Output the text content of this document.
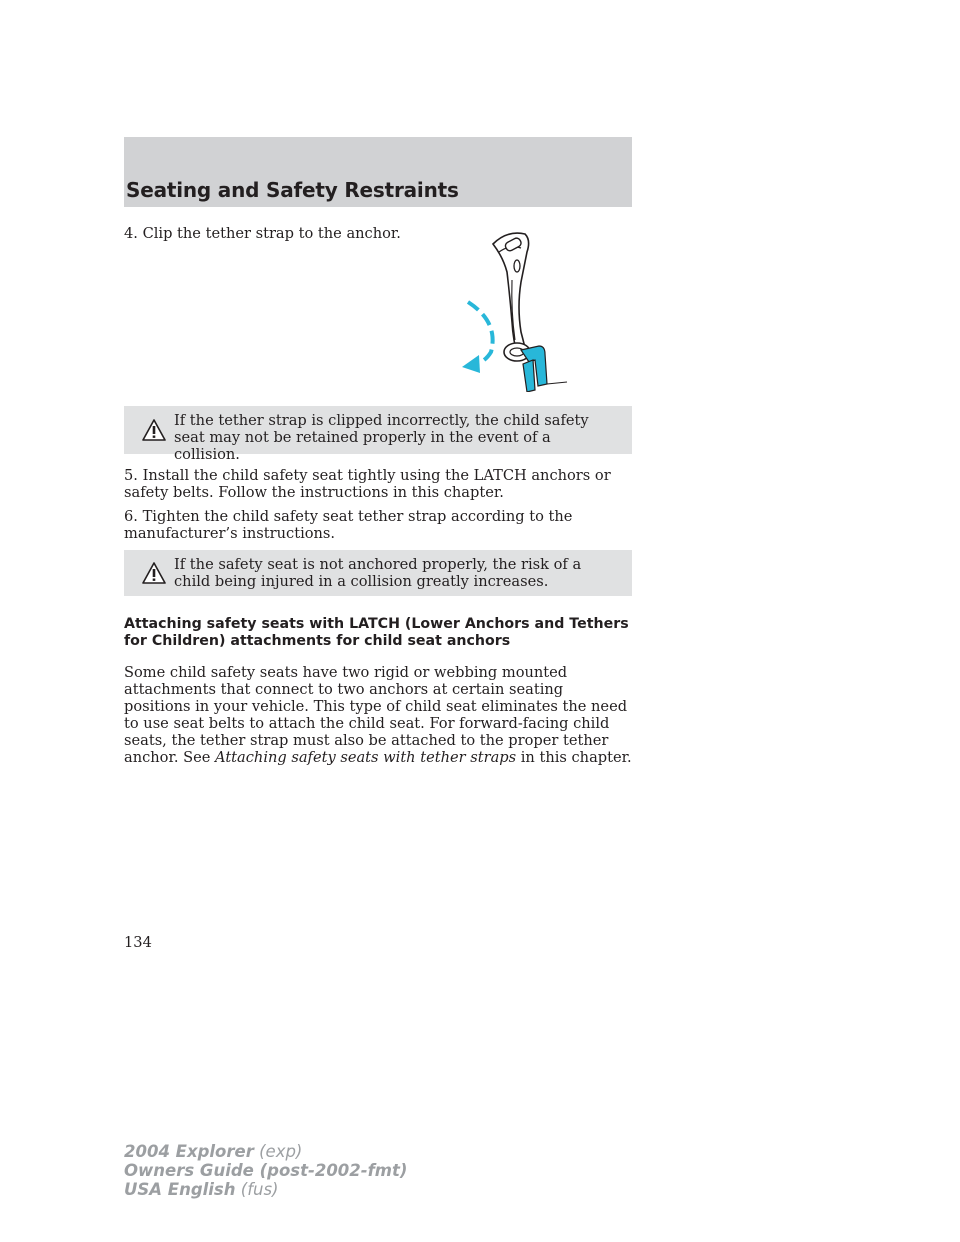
Seating and Safety Restraints

4. Clip the tether strap to the anchor.

If the tether strap is clipped incorrectly, the child safety seat may not be retained properly in the event of a collision.

5. Install the child safety seat tightly using the LATCH anchors or safety belts. Follow the instructions in this chapter.

6. Tighten the child safety seat tether strap according to the manufacturer’s instructions.

If the safety seat is not anchored properly, the risk of a child being injured in a collision greatly increases.

Attaching safety seats with LATCH (Lower Anchors and Tethers for Children) attachments for child seat anchors

Some child safety seats have two rigid or webbing mounted attachments that connect to two anchors at certain seating positions in your vehicle. This type of child seat eliminates the need to use seat belts to attach the child seat. For forward-facing child seats, the tether strap must also be attached to the proper tether anchor. See Attaching safety seats with tether straps in this chapter.

134
2004 Explorer (exp)
Owners Guide (post-2002-fmt)
USA English (fus)
